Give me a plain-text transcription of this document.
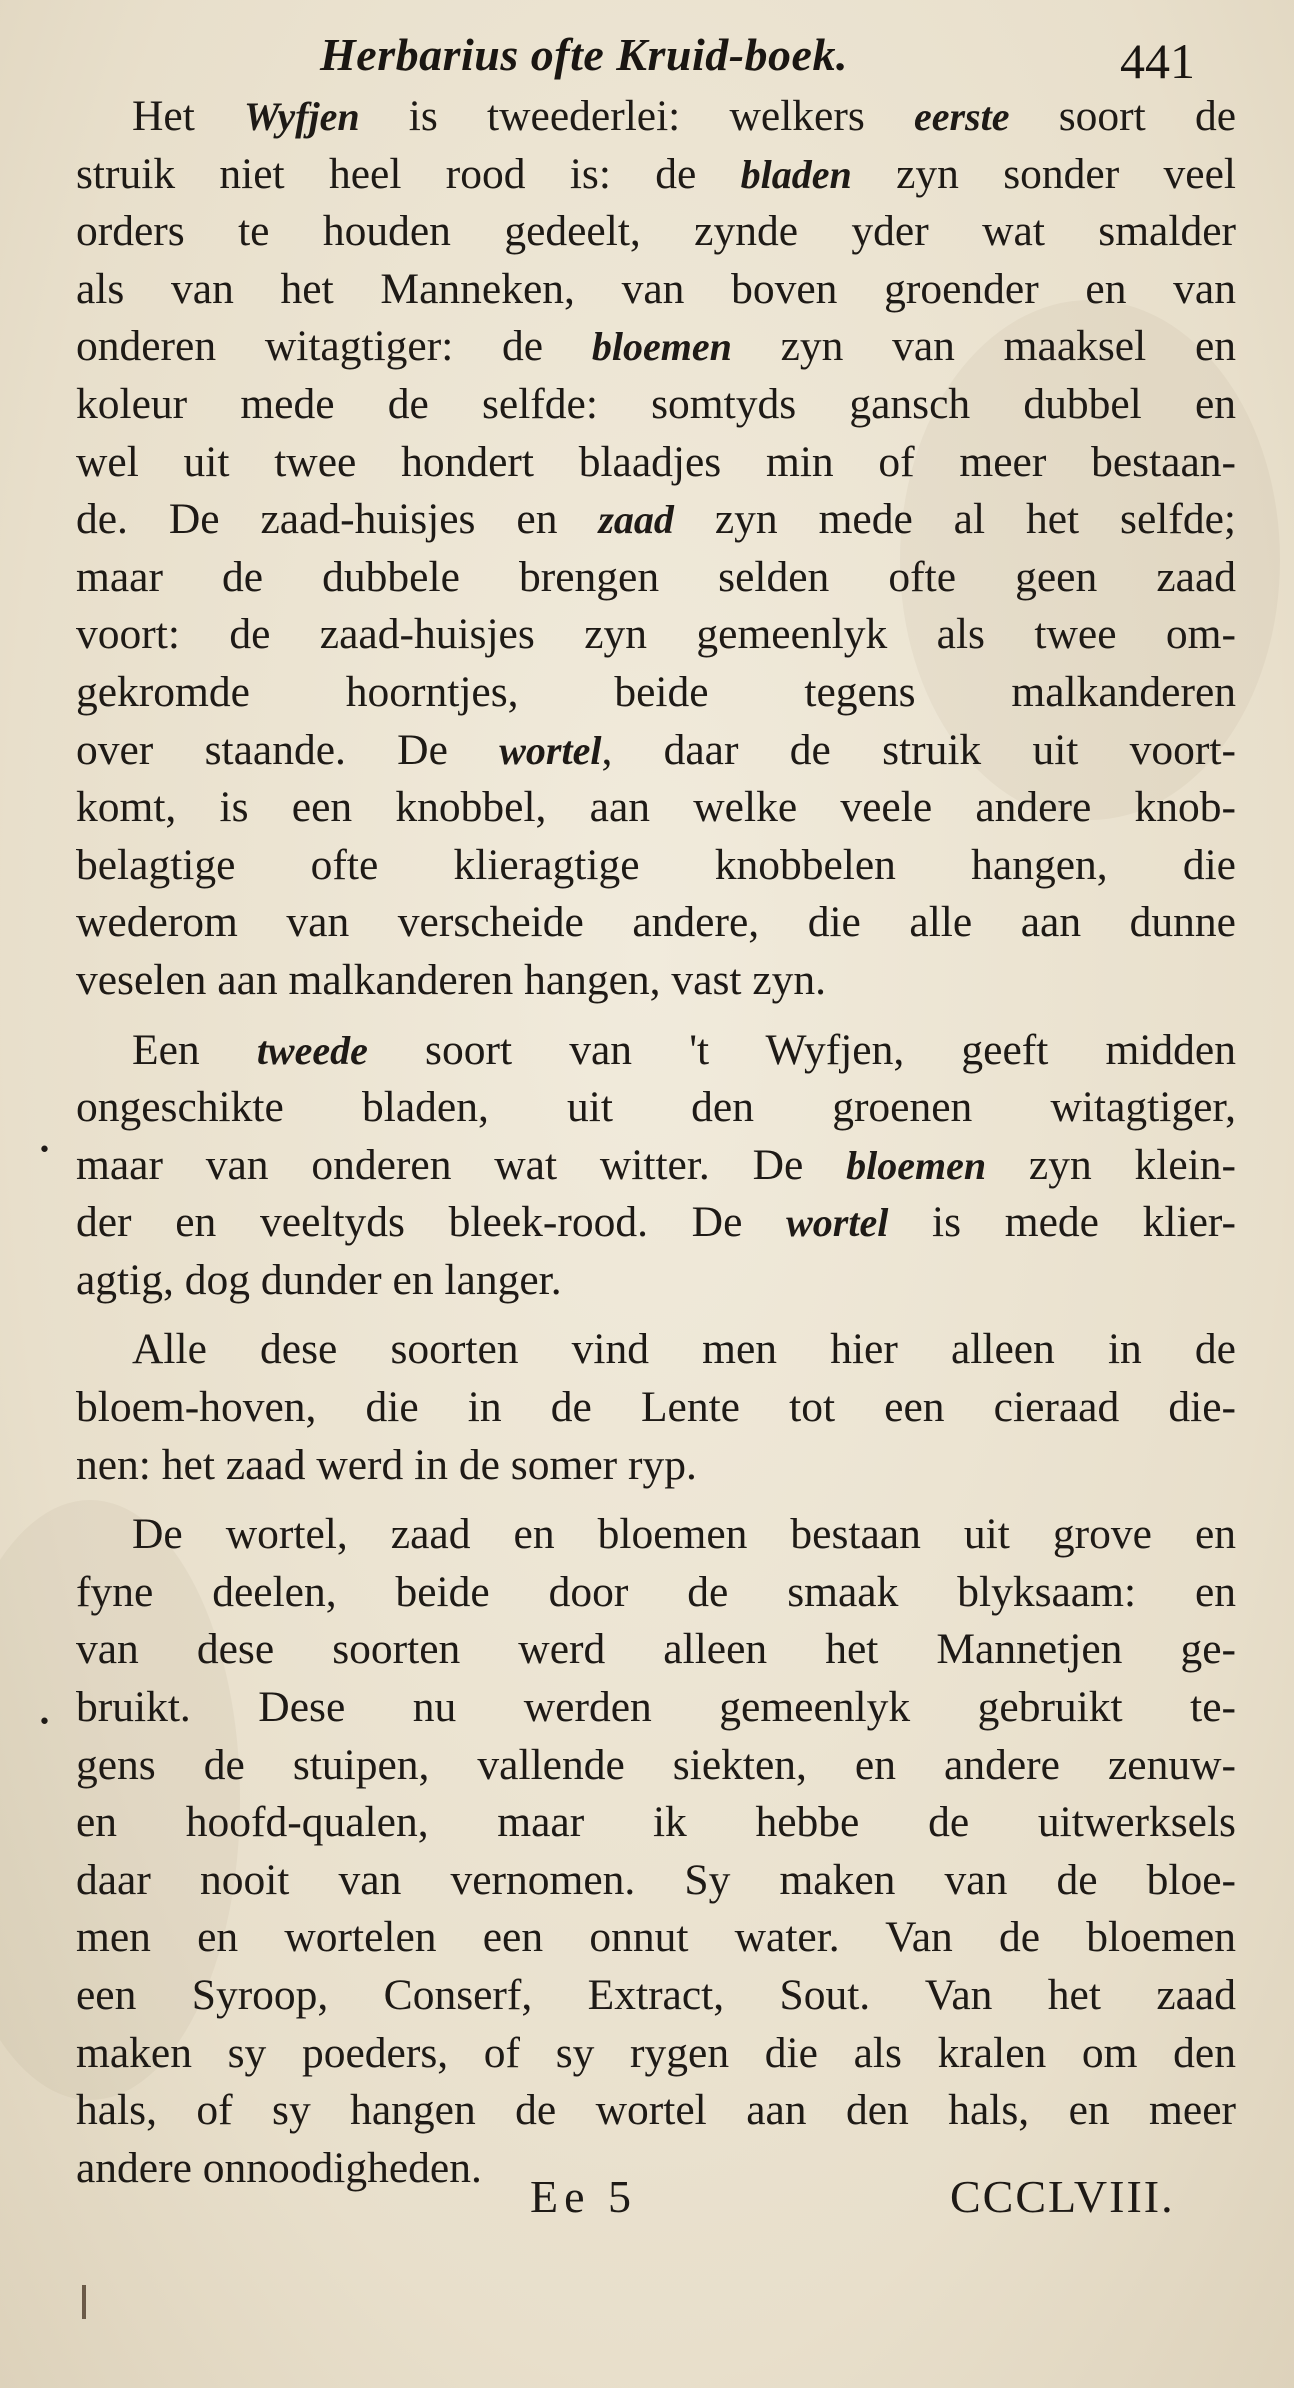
Herbarius ofte Kruid-boek.	441
•
•
Het Wyfjen is tweederlei: welkers eerste soort de
struik niet heel rood is: de bladen zyn sonder veel
orders te houden gedeelt, zynde yder wat smalder
als van het Manneken, van boven groender en van
onderen witagtiger: de bloemen zyn van maaksel en
koleur mede de selfde: somtyds gansch dubbel en
wel uit twee hondert blaadjes min of meer bestaan-
de. De zaad-huisjes en zaad zyn mede al het selfde;
maar de dubbele brengen selden ofte geen zaad
voort: de zaad-huisjes zyn gemeenlyk als twee om-
gekromde hoorntjes, beide tegens malkanderen
over staande. De wortel, daar de struik uit voort-
komt, is een knobbel, aan welke veele andere knob-
belagtige ofte klieragtige knobbelen hangen, die
wederom van verscheide andere, die alle aan dunne
veselen aan malkanderen hangen, vast zyn.
Een tweede soort van 't Wyfjen, geeft midden
ongeschikte bladen, uit den groenen witagtiger,
maar van onderen wat witter. De bloemen zyn klein-
der en veeltyds bleek-rood. De wortel is mede klier-
agtig, dog dunder en langer.
Alle dese soorten vind men hier alleen in de
bloem-hoven, die in de Lente tot een cieraad die-
nen: het zaad werd in de somer ryp.
De wortel, zaad en bloemen bestaan uit grove en
fyne deelen, beide door de smaak blyksaam: en
van dese soorten werd alleen het Mannetjen ge-
bruikt. Dese nu werden gemeenlyk gebruikt te-
gens de stuipen, vallende siekten, en andere zenuw-
en hoofd-qualen, maar ik hebbe de uitwerksels
daar nooit van vernomen. Sy maken van de bloe-
men en wortelen een onnut water. Van de bloemen
een Syroop, Conserf, Extract, Sout. Van het zaad
maken sy poeders, of sy rygen die als kralen om den
hals, of sy hangen de wortel aan den hals, en meer
andere onnoodigheden.
Ee 5	CCCLVIII.
